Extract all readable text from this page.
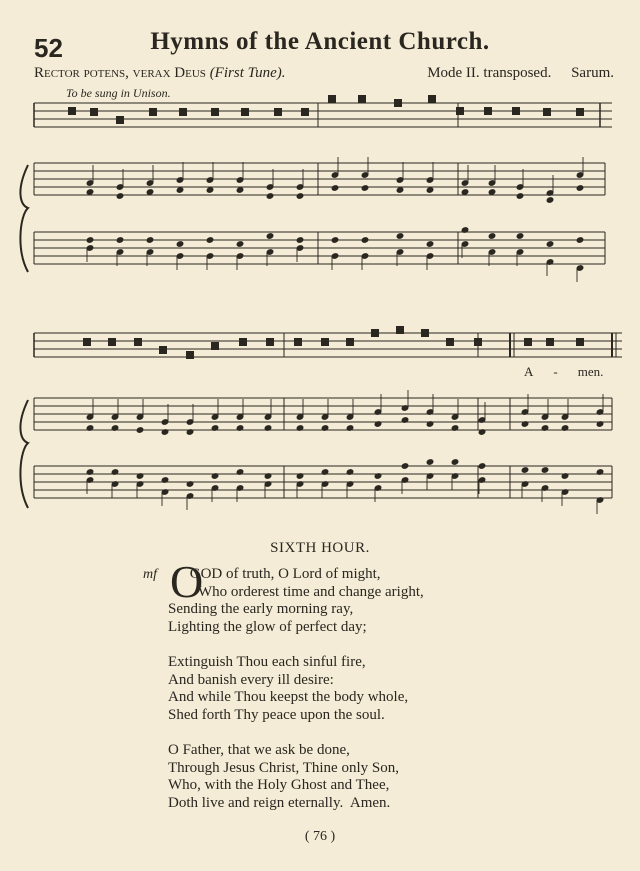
52	Hymns of the Ancient Church.
Rector potens, verax Deus (First Tune).	Mode II. transposed. Sarum.
To be sung in Unison.
A - men.
SIXTH HOUR.
mf O
GOD of truth, O Lord of might,
Who orderest time and change aright,
Sending the early morning ray,
Lighting the glow of perfect day;
Extinguish Thou each sinful fire,
And banish every ill desire:
And while Thou keepst the body whole,
Shed forth Thy peace upon the soul.
O Father, that we ask be done,
Through Jesus Christ, Thine only Son,
Who, with the Holy Ghost and Thee,
Doth live and reign eternally.  Amen.
( 76 )
